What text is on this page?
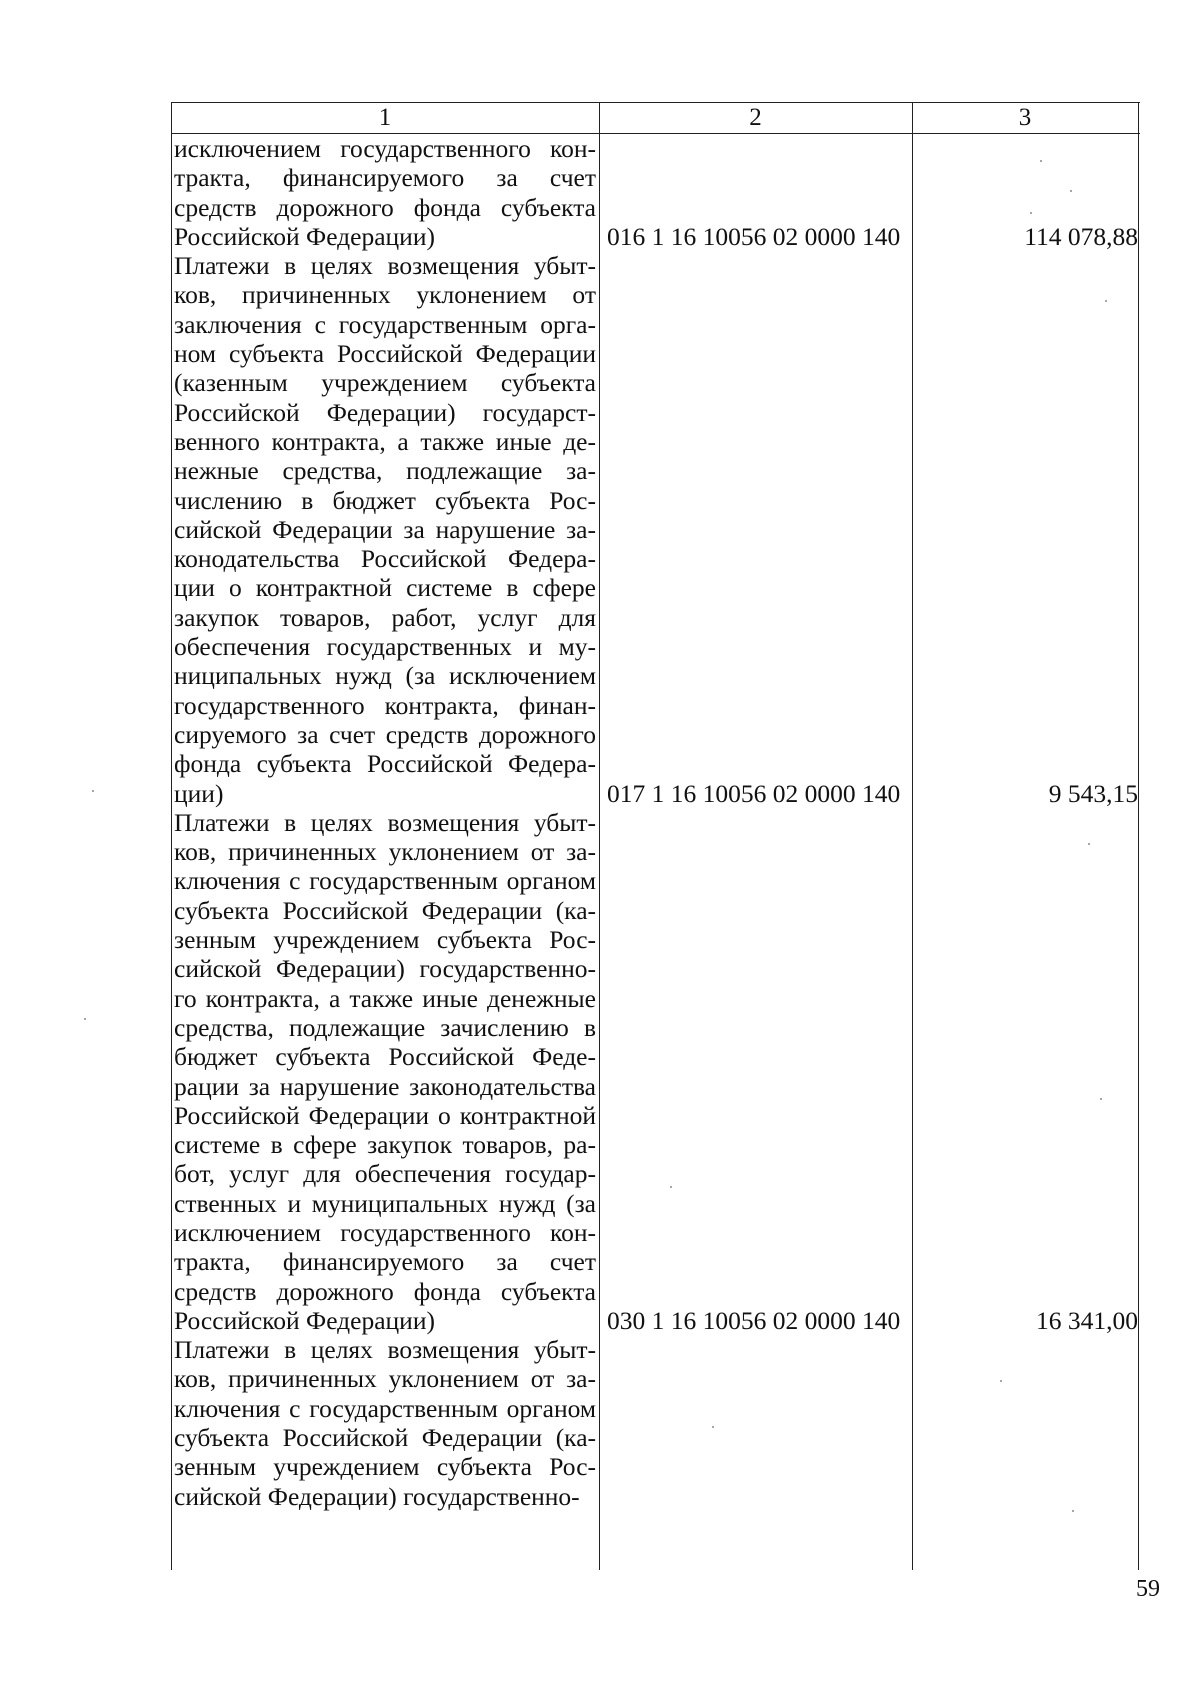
1	2	3
исключением государственного кон-
тракта, финансируемого за счет
средств дорожного фонда субъекта
Российской Федерации)
Платежи в целях возмещения убыт-
ков, причиненных уклонением от
заключения с государственным орга-
ном субъекта Российской Федерации
(казенным учреждением субъекта
Российской Федерации) государст-
венного контракта, а также иные де-
нежные средства, подлежащие за-
числению в бюджет субъекта Рос-
сийской Федерации за нарушение за-
конодательства Российской Федера-
ции о контрактной системе в сфере
закупок товаров, работ, услуг для
обеспечения государственных и му-
ниципальных нужд (за исключением
государственного контракта, финан-
сируемого за счет средств дорожного
фонда субъекта Российской Федера-
ции)
Платежи в целях возмещения убыт-
ков, причиненных уклонением от за-
ключения с государственным органом
субъекта Российской Федерации (ка-
зенным учреждением субъекта Рос-
сийской Федерации) государственно-
го контракта, а также иные денежные
средства, подлежащие зачислению в
бюджет субъекта Российской Феде-
рации за нарушение законодательства
Российской Федерации о контрактной
системе в сфере закупок товаров, ра-
бот, услуг для обеспечения государ-
ственных и муниципальных нужд (за
исключением государственного кон-
тракта, финансируемого за счет
средств дорожного фонда субъекта
Российской Федерации)
Платежи в целях возмещения убыт-
ков, причиненных уклонением от за-
ключения с государственным органом
субъекта Российской Федерации (ка-
зенным учреждением субъекта Рос-
сийской Федерации) государственно-
016 1 16 10056 02 0000 140
017 1 16 10056 02 0000 140
030 1 16 10056 02 0000 140
114 078,88
9 543,15
16 341,00
59
